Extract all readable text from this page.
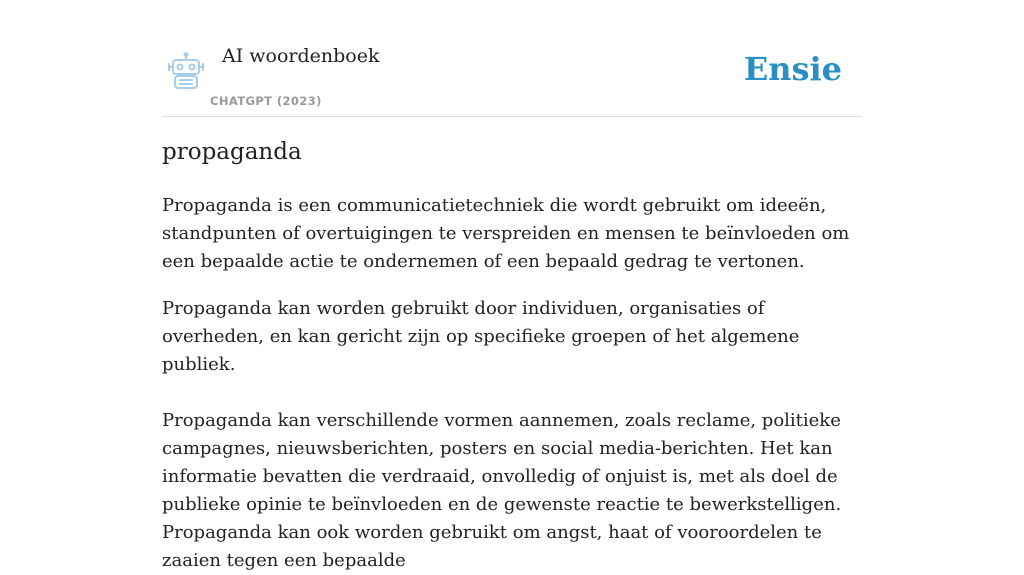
AI woordenboek
CHATGPT (2023)
Ensie
propaganda

Propaganda is een communicatietechniek die wordt gebruikt om ideeën, standpunten of overtuigingen te verspreiden en mensen te beïnvloeden om een bepaalde actie te ondernemen of een bepaald gedrag te vertonen.

Propaganda kan worden gebruikt door individuen, organisaties of overheden, en kan gericht zijn op specifieke groepen of het algemene publiek.

Propaganda kan verschillende vormen aannemen, zoals reclame, politieke campagnes, nieuwsberichten, posters en social media-berichten. Het kan informatie bevatten die verdraaid, onvolledig of onjuist is, met als doel de publieke opinie te beïnvloeden en de gewenste reactie te bewerkstelligen. Propaganda kan ook worden gebruikt om angst, haat of vooroordelen te zaaien tegen een bepaalde
